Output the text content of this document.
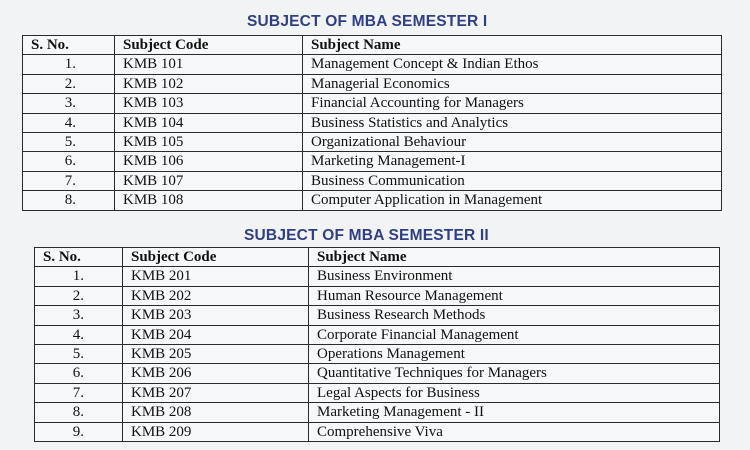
SUBJECT OF MBA SEMESTER I
S. No.	Subject Code	Subject Name
1.	KMB 101	Management Concept & Indian Ethos
2.	KMB 102	Managerial Economics
3.	KMB 103	Financial Accounting for Managers
4.	KMB 104	Business Statistics and Analytics
5.	KMB 105	Organizational Behaviour
6.	KMB 106	Marketing Management-I
7.	KMB 107	Business Communication
8.	KMB 108	Computer Application in Management
SUBJECT OF MBA SEMESTER II
S. No.	Subject Code	Subject Name
1.	KMB 201	Business Environment
2.	KMB 202	Human Resource Management
3.	KMB 203	Business Research Methods
4.	KMB 204	Corporate Financial Management
5.	KMB 205	Operations Management
6.	KMB 206	Quantitative Techniques for Managers
7.	KMB 207	Legal Aspects for Business
8.	KMB 208	Marketing Management - II
9.	KMB 209	Comprehensive Viva
